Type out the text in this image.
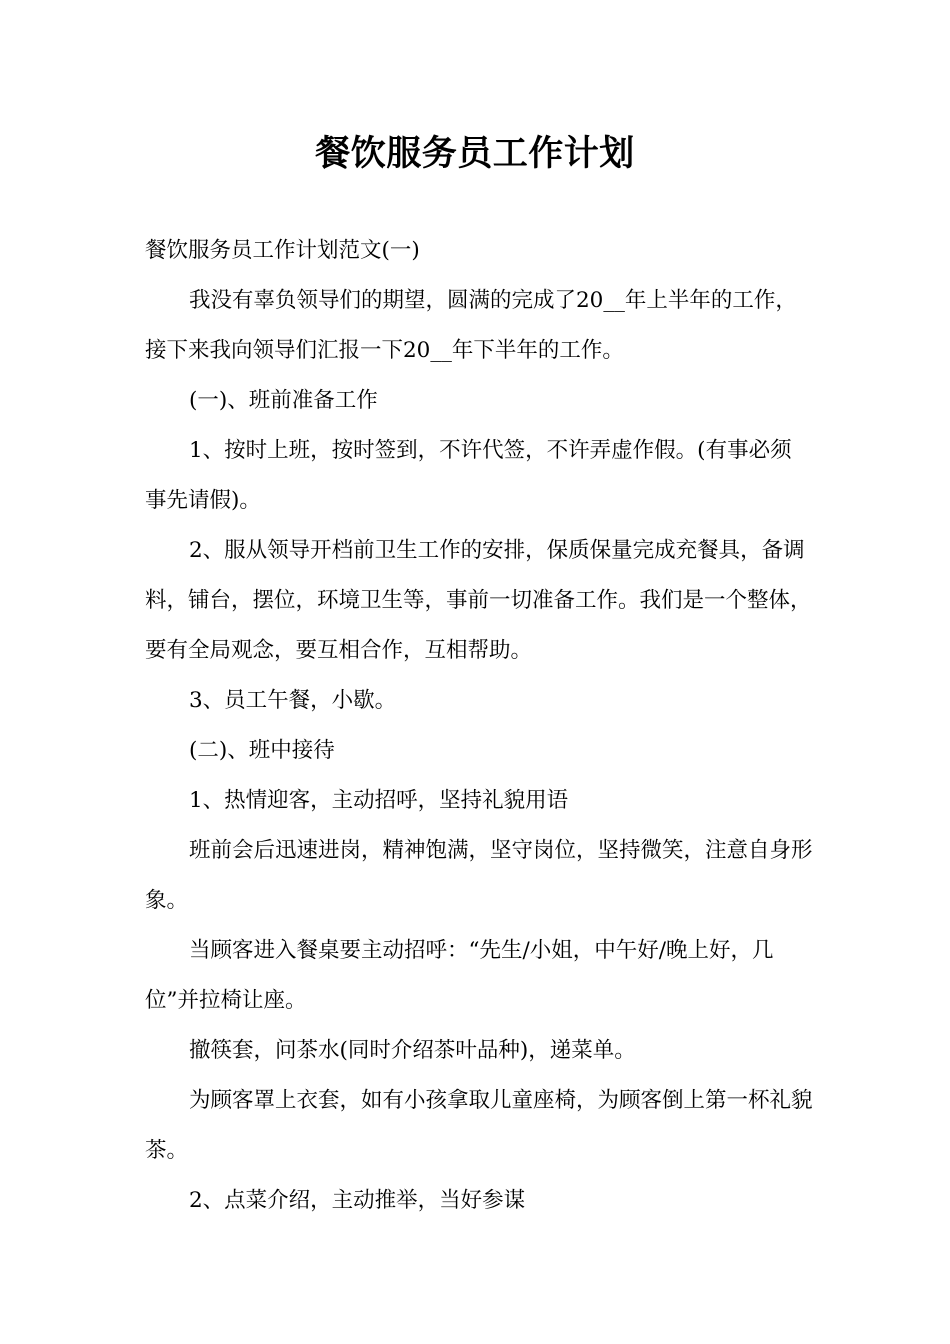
餐饮服务员工作计划

餐饮服务员工作计划范文(一)

我没有辜负领导们的期望，圆满的完成了20__年上半年的工作，接下来我向领导们汇报一下20__年下半年的工作。

(一)、班前准备工作

1、按时上班，按时签到，不许代签，不许弄虚作假。(有事必须事先请假)。

2、服从领导开档前卫生工作的安排，保质保量完成充餐具，备调料，铺台，摆位，环境卫生等，事前一切准备工作。我们是一个整体，要有全局观念，要互相合作，互相帮助。

3、员工午餐，小歇。

(二)、班中接待

1、热情迎客，主动招呼，坚持礼貌用语

班前会后迅速进岗，精神饱满，坚守岗位，坚持微笑，注意自身形象。

当顾客进入餐桌要主动招呼：“先生/小姐，中午好/晚上好，几位”并拉椅让座。

撤筷套，问茶水(同时介绍茶叶品种)，递菜单。

为顾客罩上衣套，如有小孩拿取儿童座椅，为顾客倒上第一杯礼貌茶。

2、点菜介绍，主动推举，当好参谋
